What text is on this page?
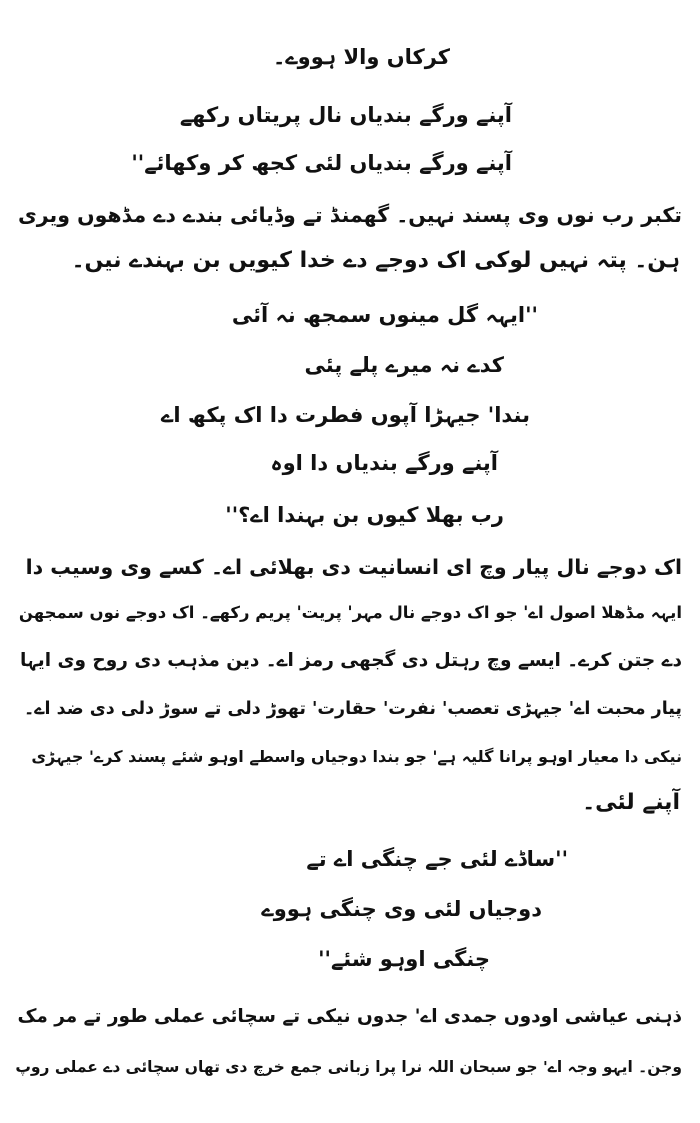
کرکاں والا ہووے۔
آپنے ورگے بندیاں نال پریتاں رکھے
آپنے ورگے بندیاں لئی کجھ کر وکھائے''
تکبر رب نوں وی پسند نہیں۔ گھمنڈ تے وڈیائی بندے دے مڈھوں ویری
ہن۔ پتہ نہیں لوکی اک دوجے دے خدا کیویں بن بہندے نیں۔
''ایہہ گل مینوں سمجھ نہ آئی
کدے نہ میرے پلے پئی
بندا' جیہڑا آپوں فطرت دا اک پکھ اے
آپنے ورگے بندیاں دا اوہ
رب بھلا کیوں بن بہندا اے؟''
اک دوجے نال پیار وچ ای انسانیت دی بھلائی اے۔ کسے وی وسیب دا
ایہہ مڈھلا اصول اے' جو اک دوجے نال مہر' پریت' پریم رکھے۔ اک دوجے نوں سمجھن
دے جتن کرے۔ ایسے وچ رہتل دی گجھی رمز اے۔ دین مذہب دی روح وی ایہا
پیار محبت اے' جیہڑی تعصب' نفرت' حقارت' تھوڑ دلی تے سوڑ دلی دی ضد اے۔
نیکی دا معیار اوہو پرانا گلیہ ہے' جو بندا دوجیاں واسطے اوہو شئے پسند کرے' جیہڑی
آپنے لئی۔
''ساڈے لئی جے چنگی اے تے
دوجیاں لئی وی چنگی ہووے
چنگی اوہو شئے''
ذہنی عیاشی اودوں جمدی اے' جدوں نیکی تے سچائی عملی طور تے مر مک
وجن۔ ایہو وجہ اے' جو سبحان اللہ نرا پرا زبانی جمع خرچ دی تھاں سچائی دے عملی روپ
